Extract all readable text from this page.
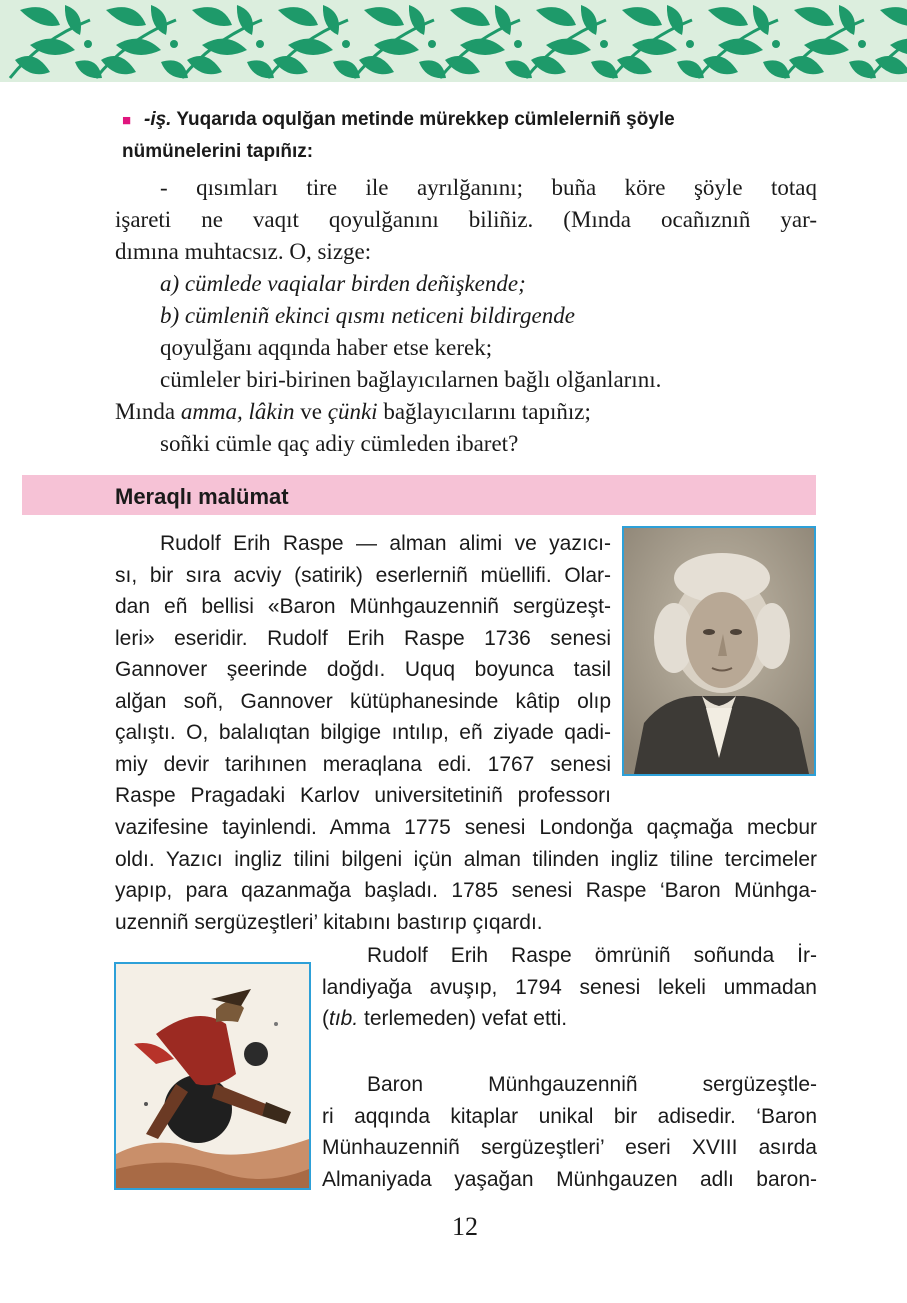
■ -iş. Yuqarıda oqulğan metinde mürekkep cümlelerniñ şöyle
nümünelerini tapıñız:

- qısımları tire ile ayrılğanını; buña köre şöyle totaq

işareti ne vaqıt qoyulğanını biliñiz. (Mında ocañıznıñ yar-

dımına muhtacsız. O, sizge:

a) cümlede vaqialar birden deñişkende;

b) cümleniñ ekinci qısmı neticeni bildirgende

qoyulğanı aqqında haber etse kerek;

cümleler biri-birinen bağlayıcılarnen bağlı olğanlarını.

Mında amma, lâkin ve çünki bağlayıcılarını tapıñız;

soñki cümle qaç adiy cümleden ibaret?

Meraqlı malümat

Rudolf Erih Raspe — alman alimi ve yazıcı-

sı, bir sıra acviy (satirik) eserlerniñ müellifi. Olar-

dan eñ bellisi «Baron Münhgauzenniñ sergüzeşt-

leri» eseridir. Rudolf Erih Raspe 1736 senesi

Gannover şeerinde doğdı. Uquq boyunca tasil

alğan soñ, Gannover kütüphanesinde kâtip olıp

çalıştı. O, balalıqtan bilgige ıntılıp, eñ ziyade qadi-

miy devir tarihınen meraqlana edi. 1767 senesi

Raspe Pragadaki Karlov universitetiniñ professorı

vazifesine tayinlendi. Amma 1775 senesi Londonğa qaçmağa mecbur

oldı. Yazıcı ingliz tilini bilgeni içün alman tilinden ingliz tiline tercimeler

yapıp, para qazanmağa başladı. 1785 senesi Raspe ‘Baron Münhga-

uzenniñ sergüzeştleri’ kitabını bastırıp çıqardı.

Rudolf Erih Raspe ömrüniñ soñunda İr-

landiyağa avuşıp, 1794 senesi lekeli ummadan

(tıb. terlemeden) vefat etti.

Baron        Münhgauzenniñ        sergüzeştle-

ri aqqında kitaplar unikal bir adisedir. ‘Baron

Münhauzenniñ sergüzeştleri’ eseri XVIII asırda

Almaniyada yaşağan Münhgauzen adlı baron-

12
